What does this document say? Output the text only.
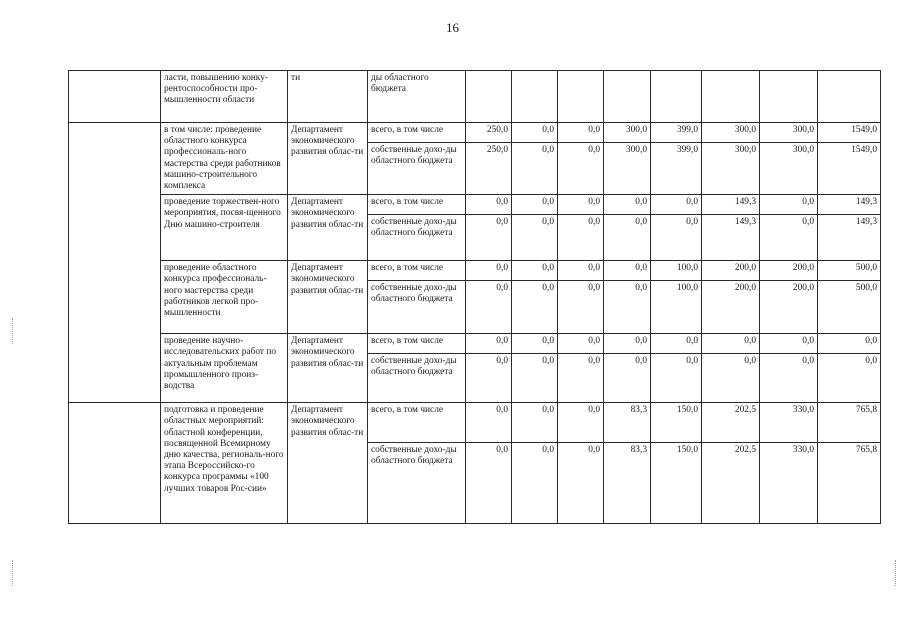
16
	ласти, повышению конку-рентоспособности про-мышленности области	ти	ды областного бюджета								
	в том числе: проведение областного конкурса профессиональ-ного мастерства среди работников машино-строительного комплекса	Департамент экономического развития облас-ти	всего, в том числе	250,0	0,0	0,0	300,0	399,0	300,0	300,0	1549,0
			собственные дохо-ды областного бюджета	250,0	0,0	0,0	300,0	399,0	300,0	300,0	1549,0
	проведение торжествен-ного мероприятия, посвя-щенного Дню машино-строителя	Департамент экономического развития облас-ти	всего, в том числе	0,0	0,0	0,0	0,0	0,0	149,3	0,0	149,3
			собственные дохо-ды областного бюджета	0,0	0,0	0,0	0,0	0,0	149,3	0,0	149,3
	проведение областного конкурса профессиональ-ного мастерства среди работников легкой про-мышленности	Департамент экономического развития облас-ти	всего, в том числе	0,0	0,0	0,0	0,0	100,0	200,0	200,0	500,0
			собственные дохо-ды областного бюджета	0,0	0,0	0,0	0,0	100,0	200,0	200,0	500,0
	проведение научно-исследовательских работ по актуальным проблемам промышленного произ-водства	Департамент экономического развития облас-ти	всего, в том числе	0,0	0,0	0,0	0,0	0,0	0,0	0,0	0,0
			собственные дохо-ды областного бюджета	0,0	0,0	0,0	0,0	0,0	0,0	0,0	0,0
	подготовка и проведение областных мероприятий: областной конференции, посвященной Всемирному дню качества, региональ-ного этапа Всероссийско-го конкурса программы «100 лучших товаров Рос-сии»	Департамент экономического развития облас-ти	всего, в том числе	0,0	0,0	0,0	83,3	150,0	202,5	330,0	765,8
			собственные дохо-ды областного бюджета	0,0	0,0	0,0	83,3	150,0	202,5	330,0	765,8
